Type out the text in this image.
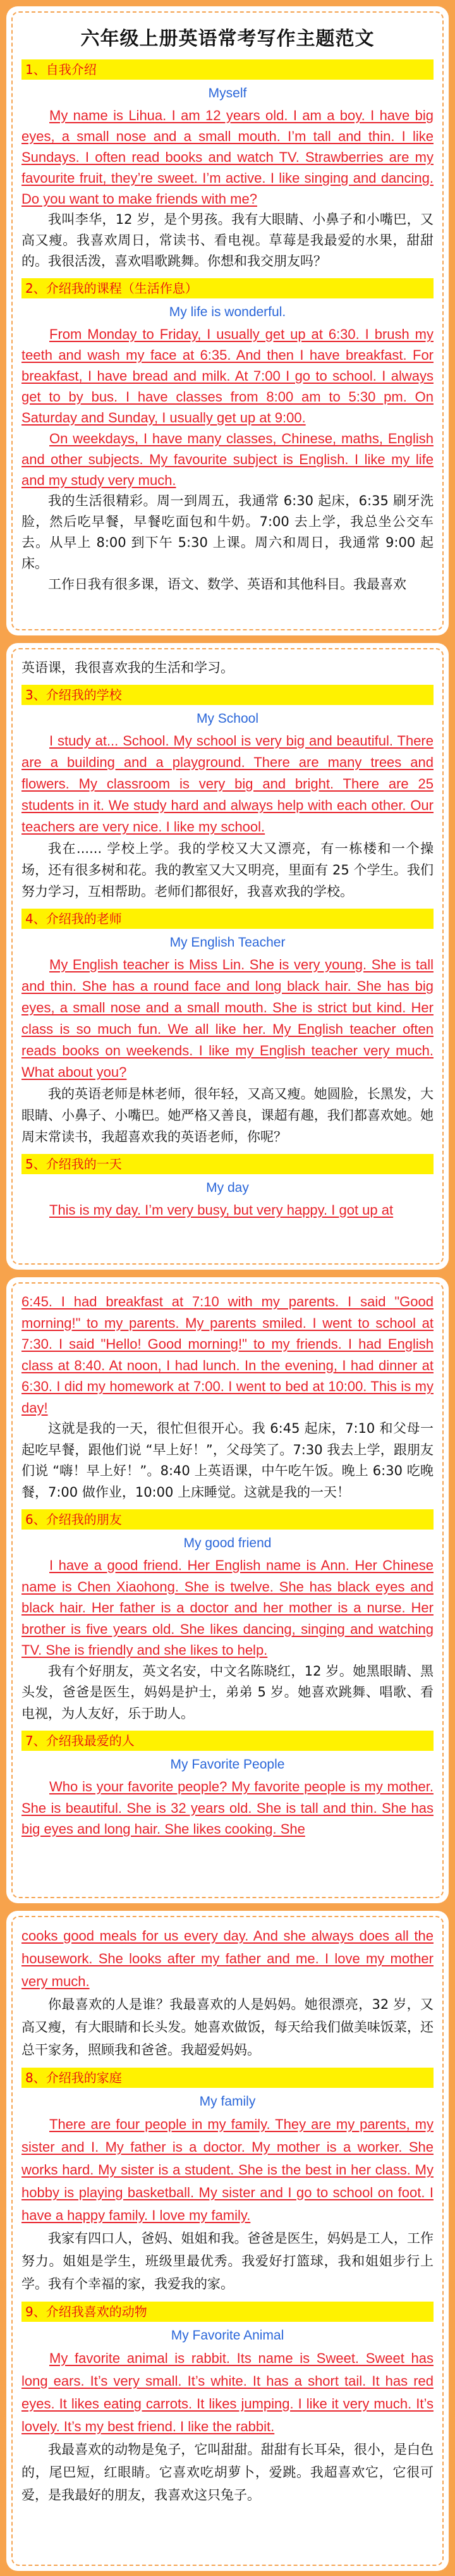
六年级上册英语常考写作主题范文
1、自我介绍
Myself

My name is Lihua. I am 12 years old. I am a boy. I have big eyes, a small nose and a small mouth. I’m tall and thin. I like Sundays. I often read books and watch TV. Strawberries are my favourite fruit, they’re sweet. I’m active. I like singing and dancing. Do you want to make friends with me?

我叫李华，12 岁，是个男孩。我有大眼睛、小鼻子和小嘴巴，又高又瘦。我喜欢周日，常读书、看电视。草莓是我最爱的水果，甜甜的。我很活泼，喜欢唱歌跳舞。你想和我交朋友吗？

2、介绍我的课程（生活作息）
My life is wonderful.

From Monday to Friday, I usually get up at 6:30. I brush my teeth and wash my face at 6:35. And then I have breakfast. For breakfast, I have bread and milk. At 7:00 I go to school. I always get to by bus. I have classes from 8:00 am to 5:30 pm. On Saturday and Sunday, I usually get up at 9:00.

On weekdays, I have many classes, Chinese, maths, English and other subjects. My favourite subject is English. I like my life and my study very much.

我的生活很精彩。周一到周五，我通常 6:30 起床，6:35 刷牙洗脸，然后吃早餐，早餐吃面包和牛奶。7:00 去上学，我总坐公交车去。从早上 8:00 到下午 5:30 上课。周六和周日，我通常 9:00 起床。

工作日我有很多课，语文、数学、英语和其他科目。我最喜欢

英语课，我很喜欢我的生活和学习。

3、介绍我的学校
My School

I study at... School. My school is very big and beautiful. There are a building and a playground. There are many trees and flowers. My classroom is very big and bright. There are 25 students in it. We study hard and always help with each other. Our teachers are very nice. I like my school.

我在...... 学校上学。我的学校又大又漂亮，有一栋楼和一个操场，还有很多树和花。我的教室又大又明亮，里面有 25 个学生。我们努力学习，互相帮助。老师们都很好，我喜欢我的学校。

4、介绍我的老师
My English Teacher

My English teacher is Miss Lin. She is very young. She is tall and thin. She has a round face and long black hair. She has big eyes, a small nose and a small mouth. She is strict but kind. Her class is so much fun. We all like her. My English teacher often reads books on weekends. I like my English teacher very much. What about you?

我的英语老师是林老师，很年轻，又高又瘦。她圆脸，长黑发，大眼睛、小鼻子、小嘴巴。她严格又善良，课超有趣，我们都喜欢她。她周末常读书，我超喜欢我的英语老师，你呢？

5、介绍我的一天
My day

This is my day. I’m very busy, but very happy. I got up at

6:45. I had breakfast at 7:10 with my parents. I said "Good morning!" to my parents. My parents smiled. I went to school at 7:30. I said "Hello! Good morning!" to my friends. I had English class at 8:40. At noon, I had lunch. In the evening, I had dinner at 6:30. I did my homework at 7:00. I went to bed at 10:00. This is my day!

这就是我的一天，很忙但很开心。我 6:45 起床，7:10 和父母一起吃早餐，跟他们说 “早上好！”，父母笑了。7:30 我去上学，跟朋友们说 “嗨！早上好！”。8:40 上英语课，中午吃午饭。晚上 6:30 吃晚餐，7:00 做作业，10:00 上床睡觉。这就是我的一天！

6、介绍我的朋友
My good friend

I have a good friend. Her English name is Ann. Her Chinese name is Chen Xiaohong. She is twelve. She has black eyes and black hair. Her father is a doctor and her mother is a nurse. Her brother is five years old. She likes dancing, singing and watching TV. She is friendly and she likes to help.

我有个好朋友，英文名安，中文名陈晓红，12 岁。她黑眼睛、黑头发，爸爸是医生，妈妈是护士，弟弟 5 岁。她喜欢跳舞、唱歌、看电视，为人友好，乐于助人。

7、介绍我最爱的人
My Favorite People

Who is your favorite people? My favorite people is my mother. She is beautiful. She is 32 years old. She is tall and thin. She has big eyes and long hair. She likes cooking. She

cooks good meals for us every day. And she always does all the housework. She looks after my father and me. I love my mother very much.

你最喜欢的人是谁？我最喜欢的人是妈妈。她很漂亮，32 岁，又高又瘦，有大眼睛和长头发。她喜欢做饭，每天给我们做美味饭菜，还总干家务，照顾我和爸爸。我超爱妈妈。

8、介绍我的家庭
My family

There are four people in my family. They are my parents, my sister and I. My father is a doctor. My mother is a worker. She works hard. My sister is a student. She is the best in her class. My hobby is playing basketball. My sister and I go to school on foot. I have a happy family. I love my family.

我家有四口人，爸妈、姐姐和我。爸爸是医生，妈妈是工人，工作努力。姐姐是学生，班级里最优秀。我爱好打篮球，我和姐姐步行上学。我有个幸福的家，我爱我的家。

9、介绍我喜欢的动物
My Favorite Animal

My favorite animal is rabbit. Its name is Sweet. Sweet has long ears. It’s very small. It’s white. It has a short tail. It has red eyes. It likes eating carrots. It likes jumping. I like it very much. It’s lovely. It’s my best friend. I like the rabbit.

我最喜欢的动物是兔子，它叫甜甜。甜甜有长耳朵，很小，是白色的，尾巴短，红眼睛。它喜欢吃胡萝卜，爱跳。我超喜欢它，它很可爱，是我最好的朋友，我喜欢这只兔子。
